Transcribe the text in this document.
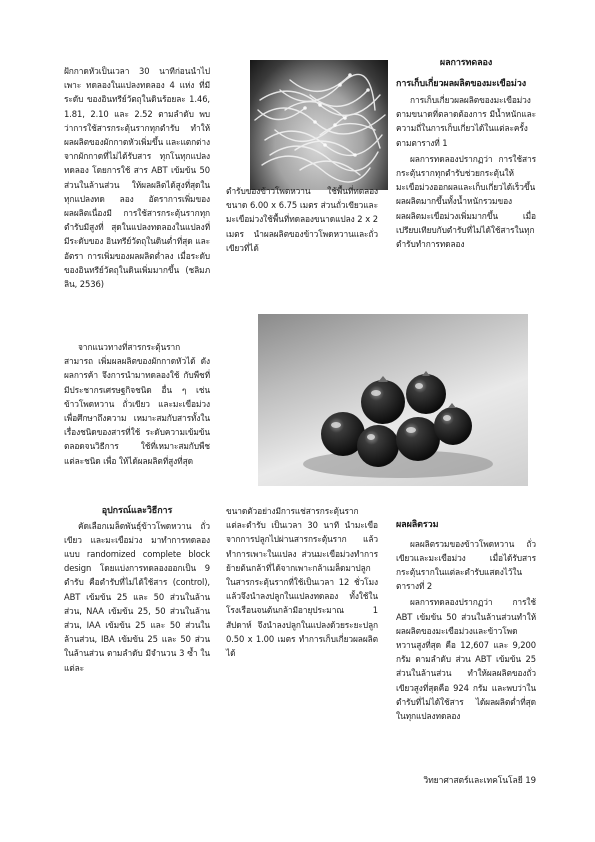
ฝักกาดหัวเป็นเวลา 30 นาทีก่อนนำไป เพาะ ทดลองในแปลงทดลอง 4 แห่ง ที่มีระดับ ของอินทรีย์วัตถุในดินร้อยละ 1.46, 1.81, 2.10 และ 2.52 ตามลำดับ พบว่าการใช้สารกระตุ้นรากทุกตำรับ ทำให้ผลผลิตของผักกาดหัวเพิ่มขึ้น และแตกต่างจากผักกาดที่ไม่ได้รับสาร ทุกโนทุกแปลงทดลอง โดยการใช้ สาร ABT เข้มข้น 50 ส่วนในล้านส่วน ให้ผลผลิตได้สูงที่สุดในทุกแปลงทด ลอง อัตราการเพิ่มของผลผลิตเนื่องมี การใช้สารกระตุ้นรากทุกตำรับมีสูงที่ สุดในแปลงทดลองในแปลงที่มีระดับของ อินทรีย์วัตถุในดินต่ำที่สุด และอัตรา การเพิ่มของผลผลิตต่ำลง เมื่อระดับ ของอินทรีย์วัตถุในดินเพิ่มมากขึ้น (ชลิมภลิน, 2536)

จากแนวทางที่สารกระตุ้นราก สามารถ เพิ่มผลผลิตของผักกาดหัวได้ ดังผลการค้า จึงการนำมาทดลองใช้ กับพืชที่มีประชากรเศรษฐกิจชนิด อื่น ๆ เช่น ข้าวโพดหวาน ถั่วเขียว และมะเขือม่วง เพื่อศึกษาถึงความ เหมาะสมกับสารทั้งในเรื่องชนิดของสารที่ใช้ ระดับความเข้มข้น ตลอดจนวิธีการ ใช้ที่เหมาะสมกับพืชแต่ละชนิด เพื่อ ให้ได้ผลผลิตที่สูงที่สุด

อุปกรณ์และวิธีการ

คัดเลือกเมล็ดพันธุ์ข้าวโพดหวาน ถั่วเขียว และมะเขือม่วง มาทำการทดลองแบบ randomized complete block design โดยแบ่งการทดลองออกเป็น 9 ตำรับ คือตำรับที่ไม่ได้ใช้สาร (control), ABT เข้มข้น 25 และ 50 ส่วนในล้านส่วน, NAA เข้มข้น 25, 50 ส่วนในล้านส่วน, IAA เข้มข้น 25 และ 50 ส่วนในล้านส่วน, IBA เข้มข้น 25 และ 50 ส่วนในล้านส่วน ตามลำดับ มีจำนวน 3 ซ้ำ ในแต่ละ

ตำรับของข้าวโพดหวาน ใช้พื้นที่ทดลองขนาด 6.00 x 6.75 เมตร ส่วนถั่วเขียวและมะเขือม่วงใช้พื้นที่ทดลองขนาดแปลง 2 x 2 เมตร นำผลผลิตของข้าวโพดหวานและถั่วเขียวที่ได้

ขนาดตัวอย่างมีการแช่สารกระตุ้นรากแต่ละตำรับ เป็นเวลา 30 นาที นำมะเขือจากการปลูกไปผ่านสารกระตุ้นราก แล้วทำการเพาะในแปลง ส่วนมะเขือม่วงทำการย้ายต้นกล้าที่ได้จากเพาะกล้าเมล็ดมาปลูกในสารกระตุ้นรากที่ใช้เป็นเวลา 12 ชั่วโมง แล้วจึงนำลงปลูกในแปลงทดลอง ทั้งใช้ในโรงเรือนจนต้นกล้ามีอายุประมาณ 1 สัปดาห์ จึงนำลงปลูกในแปลงด้วยระยะปลูก 0.50 x 1.00 เมตร ทำการเก็บเกี่ยวผลผลิตได้

ผลการทดลอง

การเก็บเกี่ยวผลผลิตของมะเขือม่วง

การเก็บเกี่ยวผลผลิตของมะเขือม่วง ตามขนาดที่ตลาดต้องการ มีน้ำหนักและความถี่ในการเก็บเกี่ยวได้ในแต่ละครั้ง ตามตารางที่ 1

ผลการทดลองปรากฏว่า การใช้สารกระตุ้นรากทุกตำรับช่วยกระตุ้นให้มะเขือม่วงออกผลและเก็บเกี่ยวได้เร็วขึ้น ผลผลิตมากขึ้นทั้งน้ำหนักรวมของผลผลิตมะเขือม่วงเพิ่มมากขึ้น เมื่อเปรียบเทียบกับตำรับที่ไม่ได้ใช้สารในทุกตำรับทำการทดลอง

ผลผลิตรวม

ผลผลิตรวมของข้าวโพดหวาน ถั่วเขียวและมะเขือม่วง เมื่อได้รับสารกระตุ้นรากในแต่ละตำรับแสดงไว้ในตารางที่ 2

ผลการทดลองปรากฏว่า การใช้ ABT เข้มข้น 50 ส่วนในล้านส่วนทำให้ผลผลิตของมะเขือม่วงและข้าวโพดหวานสูงที่สุด คือ 12,607 และ 9,200 กรัม ตามลำดับ ส่วน ABT เข้มข้น 25 ส่วนในล้านส่วน ทำให้ผลผลิตของถั่วเขียวสูงที่สุดคือ 924 กรัม และพบว่าในตำรับที่ไม่ได้ใช้สาร ได้ผลผลิตต่ำที่สุดในทุกแปลงทดลอง

วิทยาศาสตร์และเทคโนโลยี 19
